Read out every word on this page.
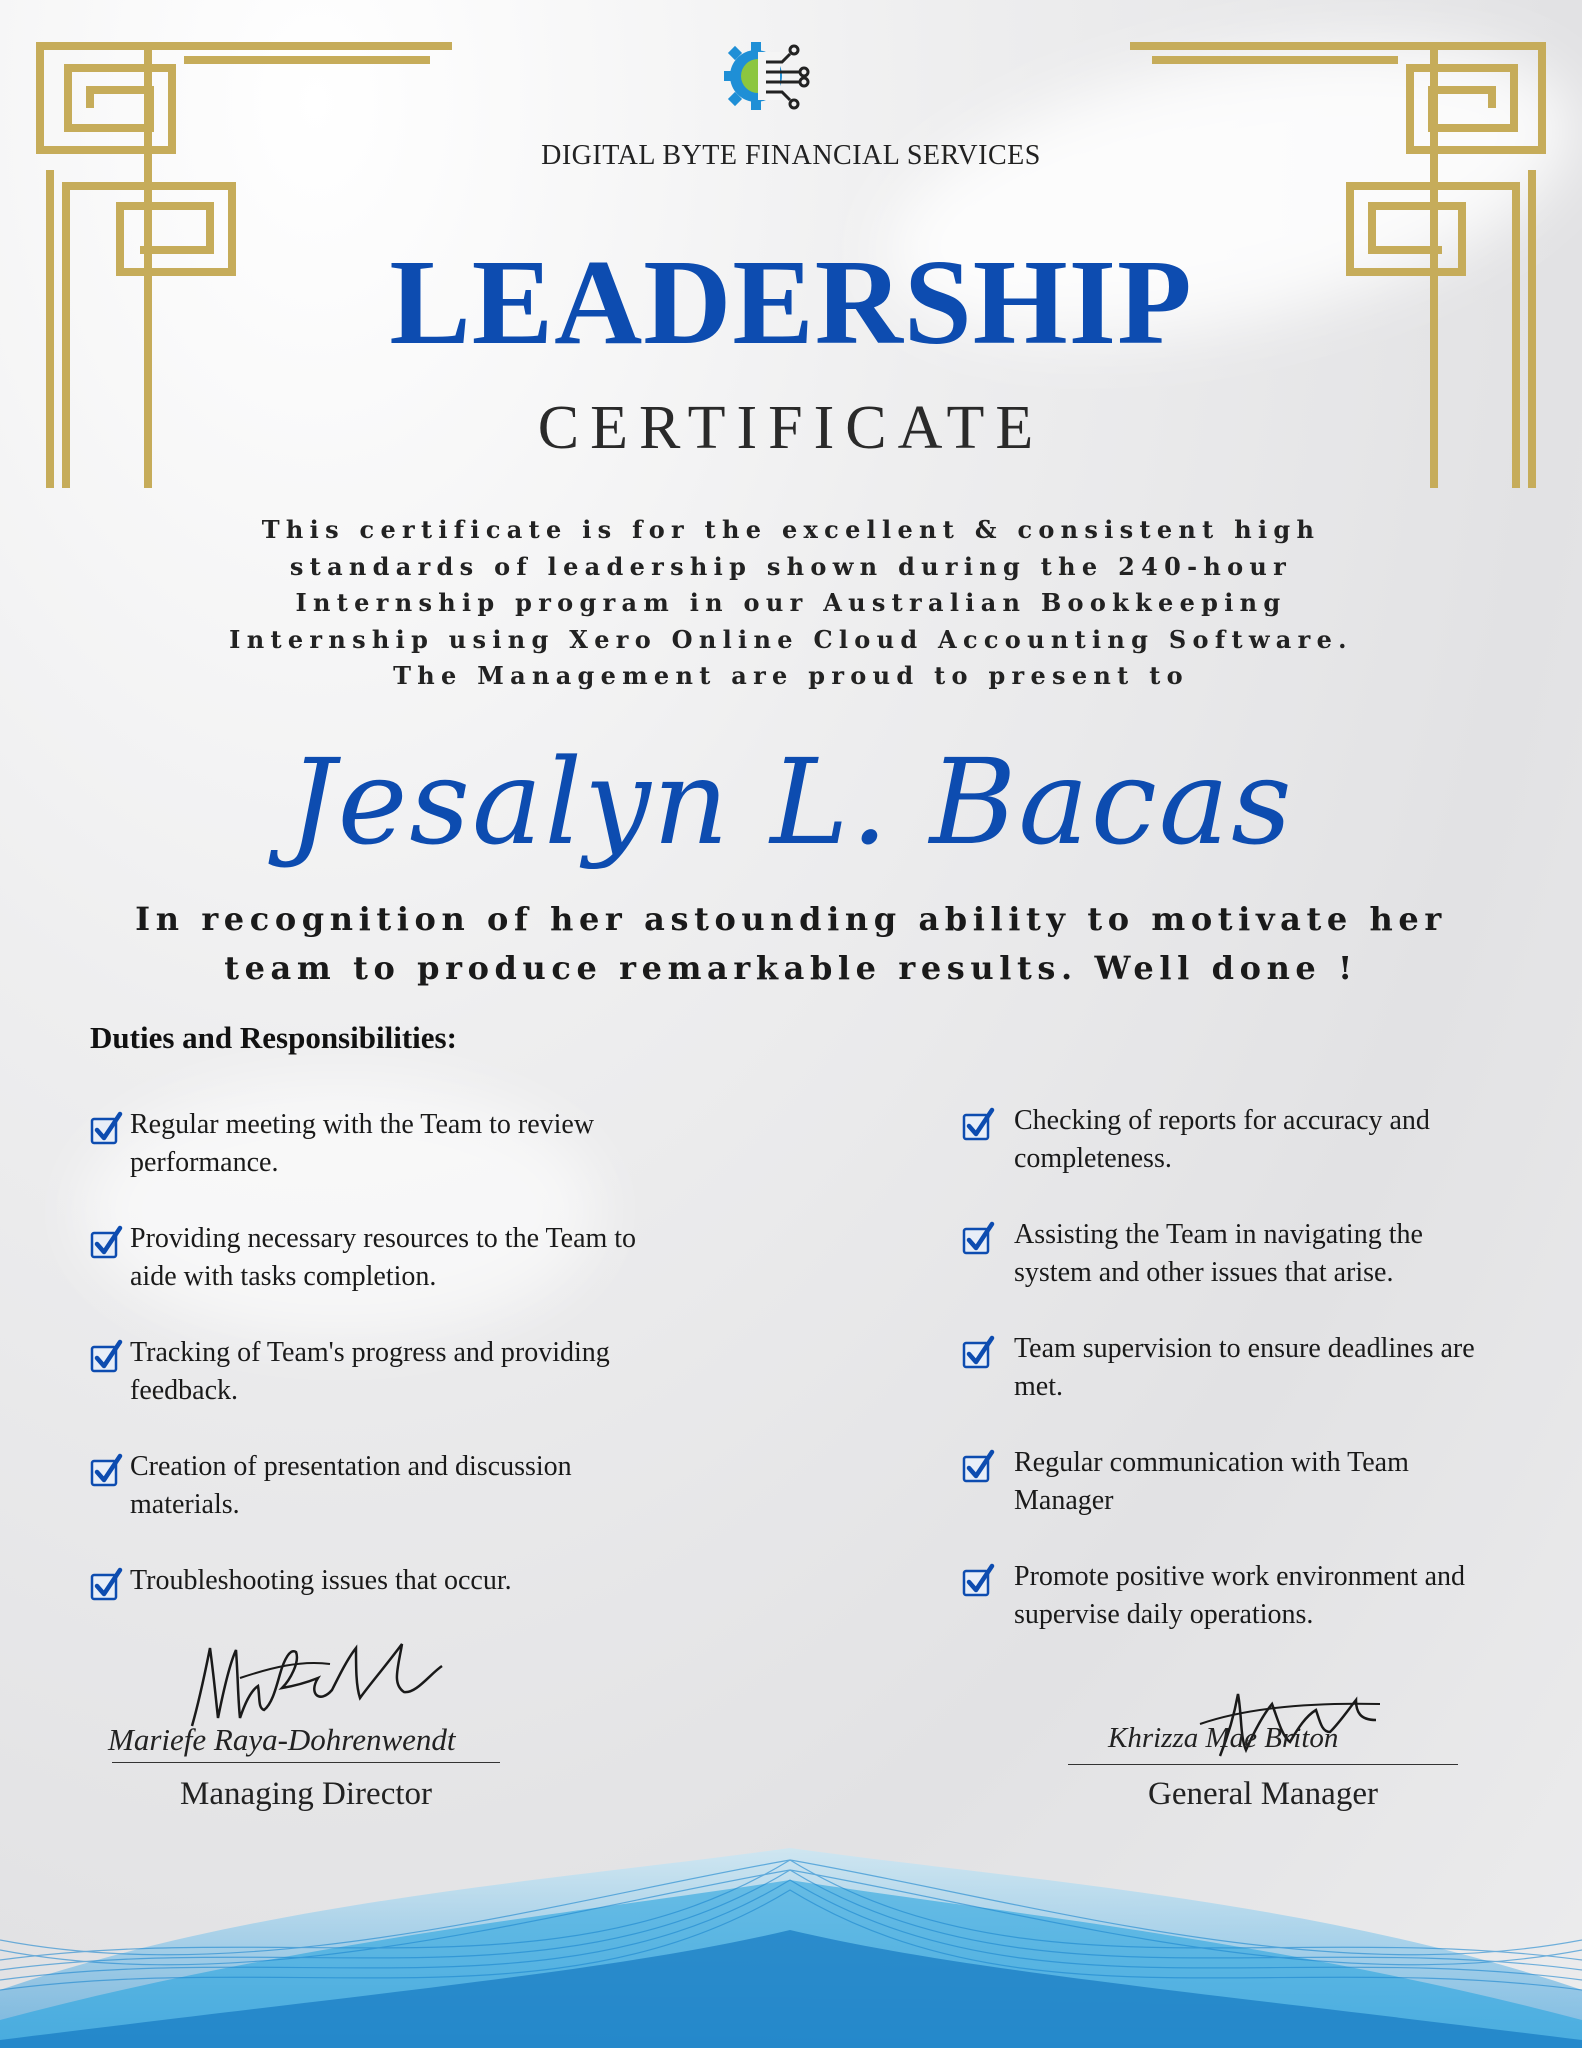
DIGITAL BYTE FINANCIAL SERVICES
LEADERSHIP
CERTIFICATE
This certificate is for the excellent & consistent high standards of leadership shown during the 240-hour Internship program in our Australian Bookkeeping Internship using Xero Online Cloud Accounting Software. The Management are proud to present to
Jesalyn L. Bacas
In recognition of her astounding ability to motivate her
team to produce remarkable results. Well done !
Duties and Responsibilities:
Regular meeting with the Team to review performance.
Providing necessary resources to the Team to aide with tasks completion.
Tracking of Team's progress and providing feedback.
Creation of presentation and discussion materials.
Troubleshooting issues that occur.
Checking of reports for accuracy and completeness.
Assisting the Team in navigating the system and other issues that arise.
Team supervision to ensure deadlines are met.
Regular communication with Team Manager
Promote positive work environment and supervise daily operations.
Mariefe Raya-Dohrenwendt
Managing Director
Khrizza Mae Briton
General Manager
